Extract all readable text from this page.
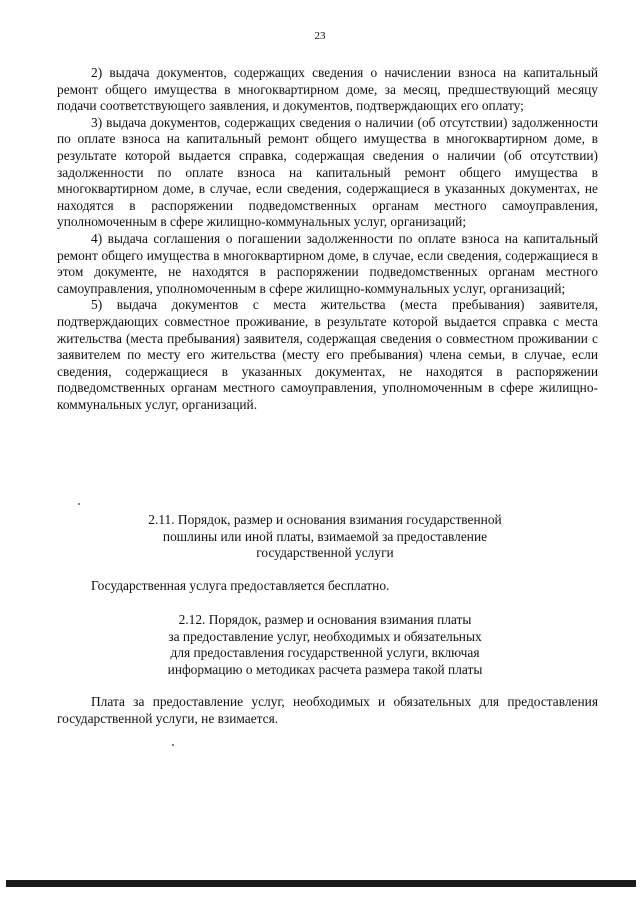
23

2) выдача документов, содержащих сведения о начислении взноса на капитальный ремонт общего имущества в многоквартирном доме, за месяц, предшествующий месяцу подачи соответствующего заявления, и документов, подтверждающих его оплату;

3) выдача документов, содержащих сведения о наличии (об отсутствии) задолженности по оплате взноса на капитальный ремонт общего имущества в многоквартирном доме, в результате которой выдается справка, содержащая сведения о наличии (об отсутствии) задолженности по оплате взноса на капитальный ремонт общего имущества в многоквартирном доме, в случае, если сведения, содержащиеся в указанных документах, не находятся в распоряжении подведомственных органам местного самоуправления, уполномоченным в сфере жилищно-коммунальных услуг, организаций;

4) выдача соглашения о погашении задолженности по оплате взноса на капитальный ремонт общего имущества в многоквартирном доме, в случае, если сведения, содержащиеся в этом документе, не находятся в распоряжении подведомственных органам местного самоуправления, уполномоченным в сфере жилищно-коммунальных услуг, организаций;

5) выдача документов с места жительства (места пребывания) заявителя, подтверждающих совместное проживание, в результате которой выдается справка с места жительства (места пребывания) заявителя, содержащая сведения о совместном проживании с заявителем по месту его жительства (месту его пребывания) члена семьи, в случае, если сведения, содержащиеся в указанных документах, не находятся в распоряжении подведомственных органам местного самоуправления, уполномоченным в сфере жилищно-коммунальных услуг, организаций.

2.11. Порядок, размер и основания взимания государственной
пошлины или иной платы, взимаемой за предоставление
государственной услуги

Государственная услуга предоставляется бесплатно.

2.12. Порядок, размер и основания взимания платы
за предоставление услуг, необходимых и обязательных
для предоставления государственной услуги, включая
информацию о методиках расчета размера такой платы

Плата за предоставление услуг, необходимых и обязательных для предоставления государственной услуги, не взимается.
